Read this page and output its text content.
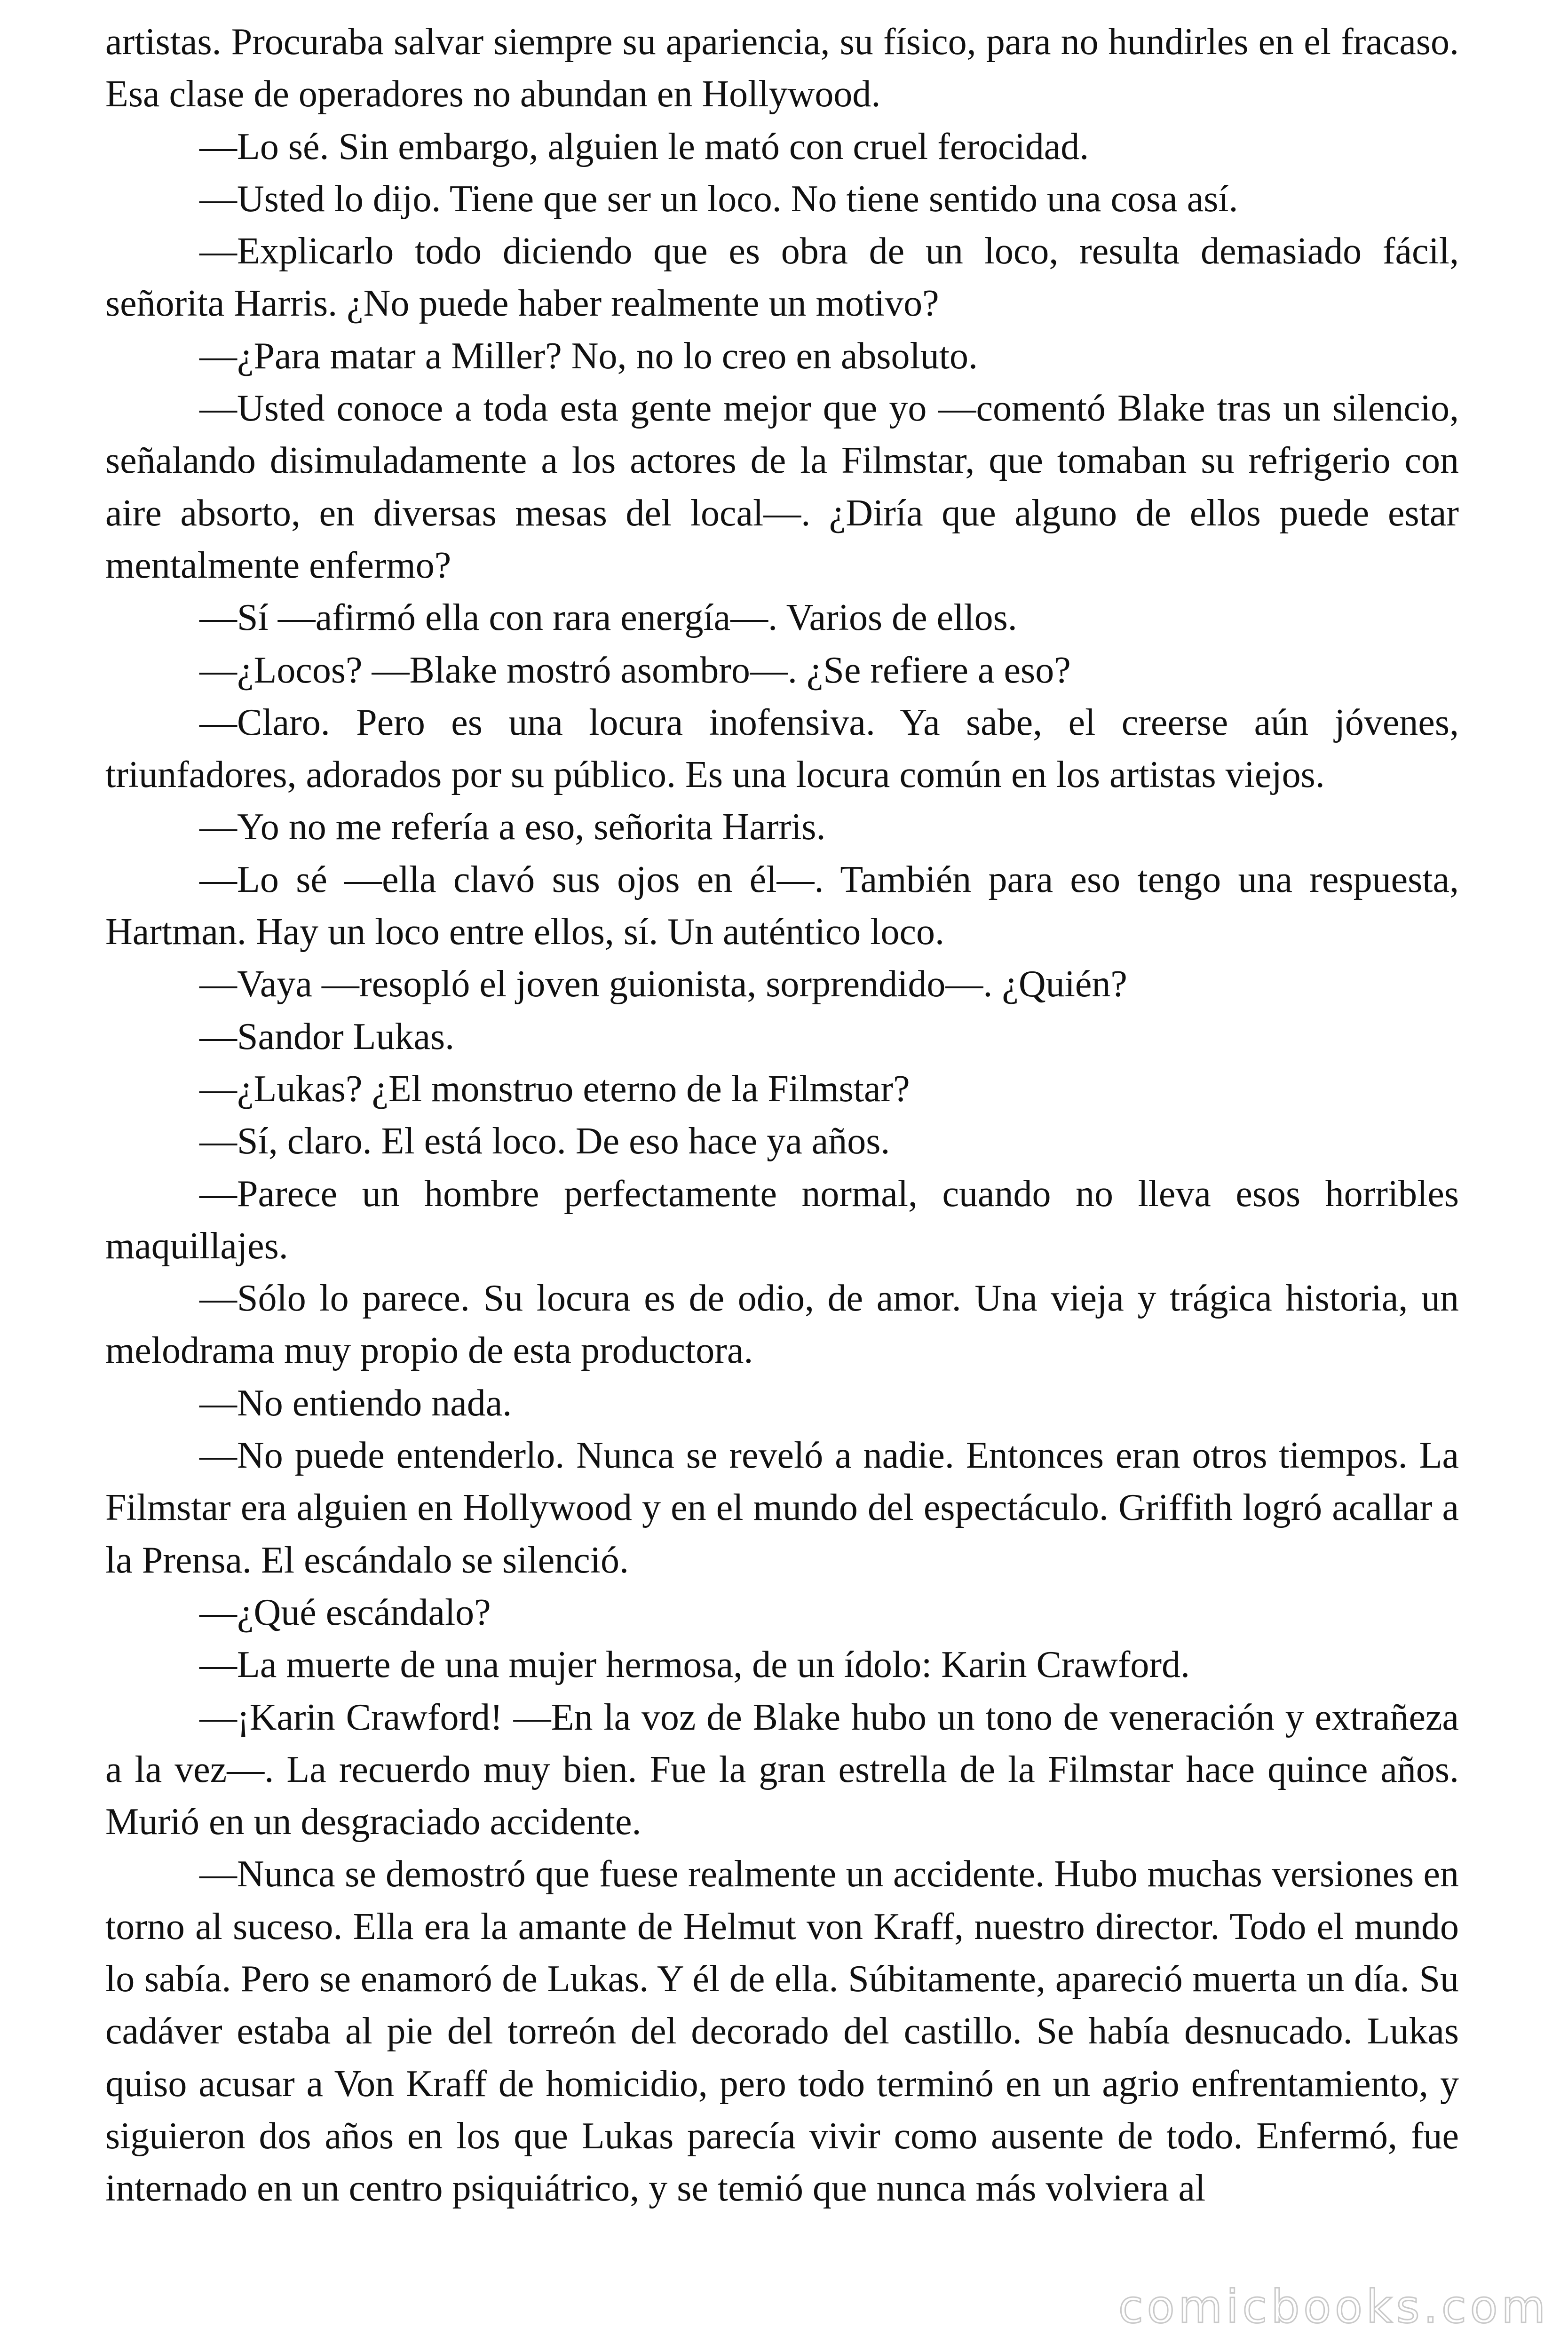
artistas. Procuraba salvar siempre su apariencia, su físico, para no hundirles en el fracaso. Esa clase de operadores no abundan en Hollywood.

—Lo sé. Sin embargo, alguien le mató con cruel ferocidad.

—Usted lo dijo. Tiene que ser un loco. No tiene sentido una cosa así.

—Explicarlo todo diciendo que es obra de un loco, resulta demasiado fácil, señorita Harris. ¿No puede haber realmente un motivo?

—¿Para matar a Miller? No, no lo creo en absoluto.

—Usted conoce a toda esta gente mejor que yo —comentó Blake tras un silencio, señalando disimuladamente a los actores de la Filmstar, que tomaban su refrigerio con aire absorto, en diversas mesas del local—. ¿Diría que alguno de ellos puede estar mentalmente enfermo?

—Sí —afirmó ella con rara energía—. Varios de ellos.

—¿Locos? —Blake mostró asombro—. ¿Se refiere a eso?

—Claro. Pero es una locura inofensiva. Ya sabe, el creerse aún jóvenes, triunfadores, adorados por su público. Es una locura común en los artistas viejos.

—Yo no me refería a eso, señorita Harris.

—Lo sé —ella clavó sus ojos en él—. También para eso tengo una respuesta, Hartman. Hay un loco entre ellos, sí. Un auténtico loco.

—Vaya —resopló el joven guionista, sorprendido—. ¿Quién?

—Sandor Lukas.

—¿Lukas? ¿El monstruo eterno de la Filmstar?

—Sí, claro. El está loco. De eso hace ya años.

—Parece un hombre perfectamente normal, cuando no lleva esos horribles maquillajes.

—Sólo lo parece. Su locura es de odio, de amor. Una vieja y trágica historia, un melodrama muy propio de esta productora.

—No entiendo nada.

—No puede entenderlo. Nunca se reveló a nadie. Entonces eran otros tiempos. La Filmstar era alguien en Hollywood y en el mundo del espectáculo. Griffith logró acallar a la Prensa. El escándalo se silenció.

—¿Qué escándalo?

—La muerte de una mujer hermosa, de un ídolo: Karin Crawford.

—¡Karin Crawford! —En la voz de Blake hubo un tono de veneración y extrañeza a la vez—. La recuerdo muy bien. Fue la gran estrella de la Filmstar hace quince años. Murió en un desgraciado accidente.

—Nunca se demostró que fuese realmente un accidente. Hubo muchas versiones en torno al suceso. Ella era la amante de Helmut von Kraff, nuestro director. Todo el mundo lo sabía. Pero se enamoró de Lukas. Y él de ella. Súbitamente, apareció muerta un día. Su cadáver estaba al pie del torreón del decorado del castillo. Se había desnucado. Lukas quiso acusar a Von Kraff de homicidio, pero todo terminó en un agrio enfrentamiento, y siguieron dos años en los que Lukas parecía vivir como ausente de todo. Enfermó, fue internado en un centro psiquiátrico, y se temió que nunca más volviera al

comicbooks.com
